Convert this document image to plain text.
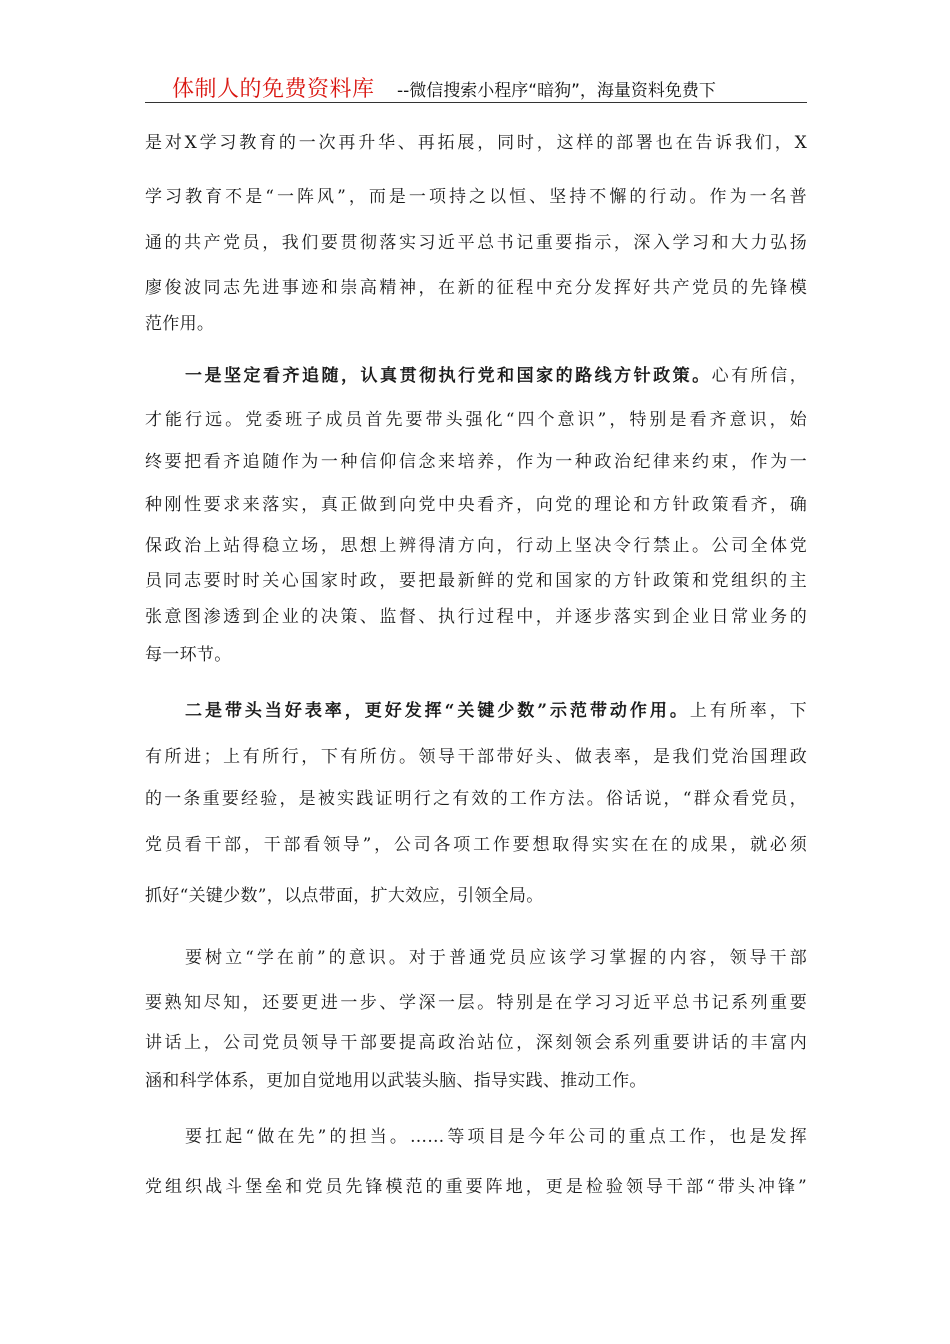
体制人的免费资料库 --微信搜索小程序“暗狗”，海量资料免费下
是对Ⅹ学习教育的一次再升华、再拓展，同时，这样的部署也在告诉我们，Ⅹ
学习教育不是“一阵风”，而是一项持之以恒、坚持不懈的行动。作为一名普
通的共产党员，我们要贯彻落实习近平总书记重要指示，深入学习和大力弘扬
廖俊波同志先进事迹和崇高精神，在新的征程中充分发挥好共产党员的先锋模
范作用。
一是坚定看齐追随，认真贯彻执行党和国家的路线方针政策。心有所信，
才能行远。党委班子成员首先要带头强化“四个意识”，特别是看齐意识，始
终要把看齐追随作为一种信仰信念来培养，作为一种政治纪律来约束，作为一
种刚性要求来落实，真正做到向党中央看齐，向党的理论和方针政策看齐，确
保政治上站得稳立场，思想上辨得清方向，行动上坚决令行禁止。公司全体党
员同志要时时关心国家时政，要把最新鲜的党和国家的方针政策和党组织的主
张意图渗透到企业的决策、监督、执行过程中，并逐步落实到企业日常业务的
每一环节。
二是带头当好表率，更好发挥“关键少数”示范带动作用。上有所率，下
有所进；上有所行，下有所仿。领导干部带好头、做表率，是我们党治国理政
的一条重要经验，是被实践证明行之有效的工作方法。俗话说，“群众看党员，
党员看干部，干部看领导”，公司各项工作要想取得实实在在的成果，就必须
抓好“关键少数”，以点带面，扩大效应，引领全局。
要树立“学在前”的意识。对于普通党员应该学习掌握的内容，领导干部
要熟知尽知，还要更进一步、学深一层。特别是在学习习近平总书记系列重要
讲话上，公司党员领导干部要提高政治站位，深刻领会系列重要讲话的丰富内
涵和科学体系，更加自觉地用以武装头脑、指导实践、推动工作。
要扛起“做在先”的担当。……等项目是今年公司的重点工作，也是发挥
党组织战斗堡垒和党员先锋模范的重要阵地，更是检验领导干部“带头冲锋”
